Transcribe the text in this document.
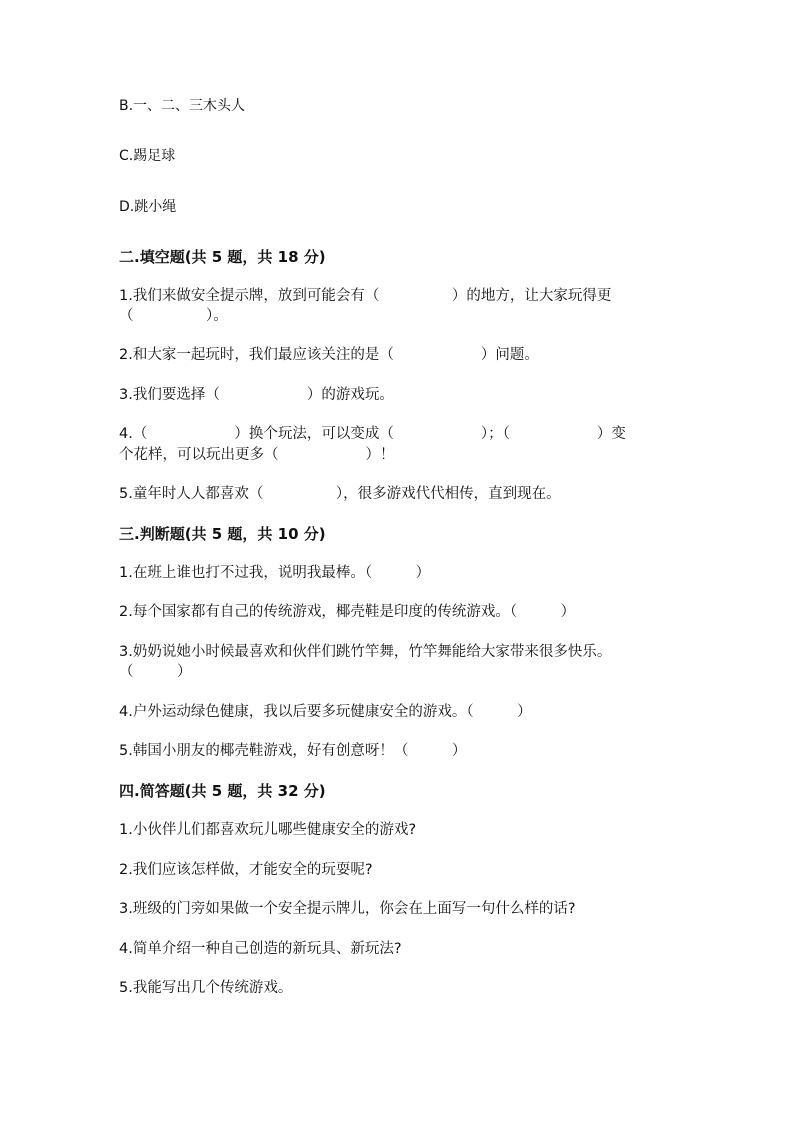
B.一、二、三木头人
C.踢足球
D.跳小绳
二.填空题(共 5 题，共 18 分)
1.我们来做安全提示牌，放到可能会有（　　　　　）的地方，让大家玩得更
（　　　　　）。
2.和大家一起玩时，我们最应该关注的是（　　　　　　）问题。
3.我们要选择（　　　　　　）的游戏玩。
4.（　　　　　　）换个玩法，可以变成（　　　　　　）；（　　　　　　）变
个花样，可以玩出更多（　　　　　　）！
5.童年时人人都喜欢（　　　　　），很多游戏代代相传，直到现在。
三.判断题(共 5 题，共 10 分)
1.在班上谁也打不过我，说明我最棒。（　　　）
2.每个国家都有自己的传统游戏，椰壳鞋是印度的传统游戏。（　　　）
3.奶奶说她小时候最喜欢和伙伴们跳竹竿舞，竹竿舞能给大家带来很多快乐。
（　　　）
4.户外运动绿色健康，我以后要多玩健康安全的游戏。（　　　）
5.韩国小朋友的椰壳鞋游戏，好有创意呀！（　　　）
四.简答题(共 5 题，共 32 分)
1.小伙伴儿们都喜欢玩儿哪些健康安全的游戏?
2.我们应该怎样做，才能安全的玩耍呢?
3.班级的门旁如果做一个安全提示牌儿，你会在上面写一句什么样的话?
4.简单介绍一种自己创造的新玩具、新玩法?
5.我能写出几个传统游戏。
